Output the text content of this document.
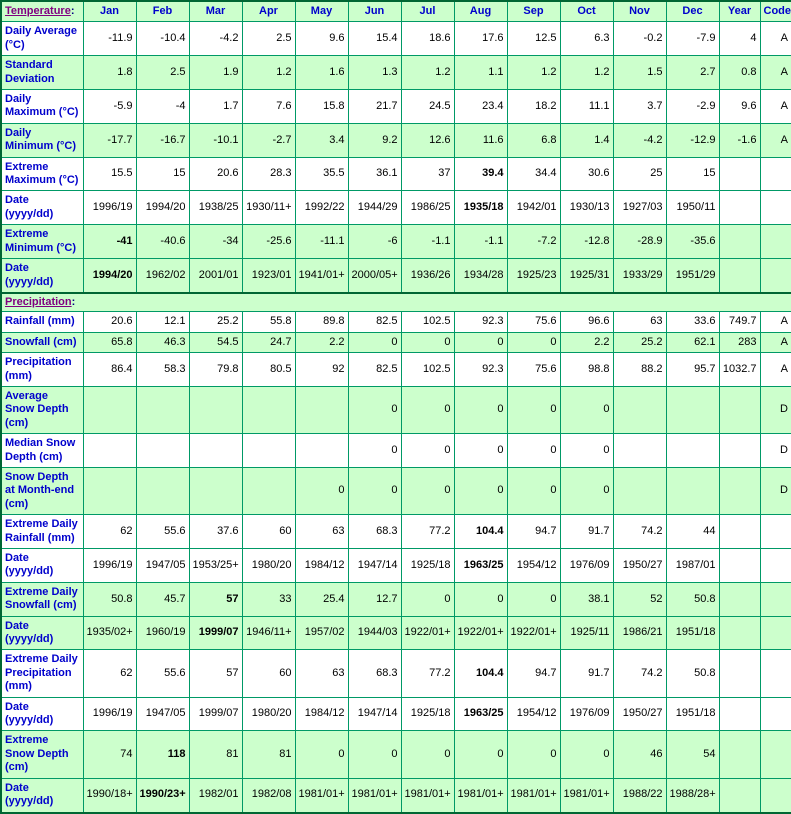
Temperature:	Jan	Feb	Mar	Apr	May	Jun	Jul	Aug	Sep	Oct	Nov	Dec	Year	Code
Daily Average (°C)	-11.9	-10.4	-4.2	2.5	9.6	15.4	18.6	17.6	12.5	6.3	-0.2	-7.9	4	A
Standard Deviation	1.8	2.5	1.9	1.2	1.6	1.3	1.2	1.1	1.2	1.2	1.5	2.7	0.8	A
Daily Maximum (°C)	-5.9	-4	1.7	7.6	15.8	21.7	24.5	23.4	18.2	11.1	3.7	-2.9	9.6	A
Daily Minimum (°C)	-17.7	-16.7	-10.1	-2.7	3.4	9.2	12.6	11.6	6.8	1.4	-4.2	-12.9	-1.6	A
Extreme Maximum (°C)	15.5	15	20.6	28.3	35.5	36.1	37	39.4	34.4	30.6	25	15		
Date (yyyy/dd)	1996/19	1994/20	1938/25	1930/11+	1992/22	1944/29	1986/25	1935/18	1942/01	1930/13	1927/03	1950/11		
Extreme Minimum (°C)	-41	-40.6	-34	-25.6	-11.1	-6	-1.1	-1.1	-7.2	-12.8	-28.9	-35.6		
Date (yyyy/dd)	1994/20	1962/02	2001/01	1923/01	1941/01+	2000/05+	1936/26	1934/28	1925/23	1925/31	1933/29	1951/29		
Precipitation:														
Rainfall (mm)	20.6	12.1	25.2	55.8	89.8	82.5	102.5	92.3	75.6	96.6	63	33.6	749.7	A
Snowfall (cm)	65.8	46.3	54.5	24.7	2.2	0	0	0	0	2.2	25.2	62.1	283	A
Precipitation (mm)	86.4	58.3	79.8	80.5	92	82.5	102.5	92.3	75.6	98.8	88.2	95.7	1032.7	A
Average Snow Depth (cm)						0	0	0	0	0				D
Median Snow Depth (cm)						0	0	0	0	0				D
Snow Depth at Month-end (cm)					0	0	0	0	0	0				D
Extreme Daily Rainfall (mm)	62	55.6	37.6	60	63	68.3	77.2	104.4	94.7	91.7	74.2	44		
Date (yyyy/dd)	1996/19	1947/05	1953/25+	1980/20	1984/12	1947/14	1925/18	1963/25	1954/12	1976/09	1950/27	1987/01		
Extreme Daily Snowfall (cm)	50.8	45.7	57	33	25.4	12.7	0	0	0	38.1	52	50.8		
Date (yyyy/dd)	1935/02+	1960/19	1999/07	1946/11+	1957/02	1944/03	1922/01+	1922/01+	1922/01+	1925/11	1986/21	1951/18		
Extreme Daily Precipitation (mm)	62	55.6	57	60	63	68.3	77.2	104.4	94.7	91.7	74.2	50.8		
Date (yyyy/dd)	1996/19	1947/05	1999/07	1980/20	1984/12	1947/14	1925/18	1963/25	1954/12	1976/09	1950/27	1951/18		
Extreme Snow Depth (cm)	74	118	81	81	0	0	0	0	0	0	46	54		
Date (yyyy/dd)	1990/18+	1990/23+	1982/01	1982/08	1981/01+	1981/01+	1981/01+	1981/01+	1981/01+	1981/01+	1988/22	1988/28+		
